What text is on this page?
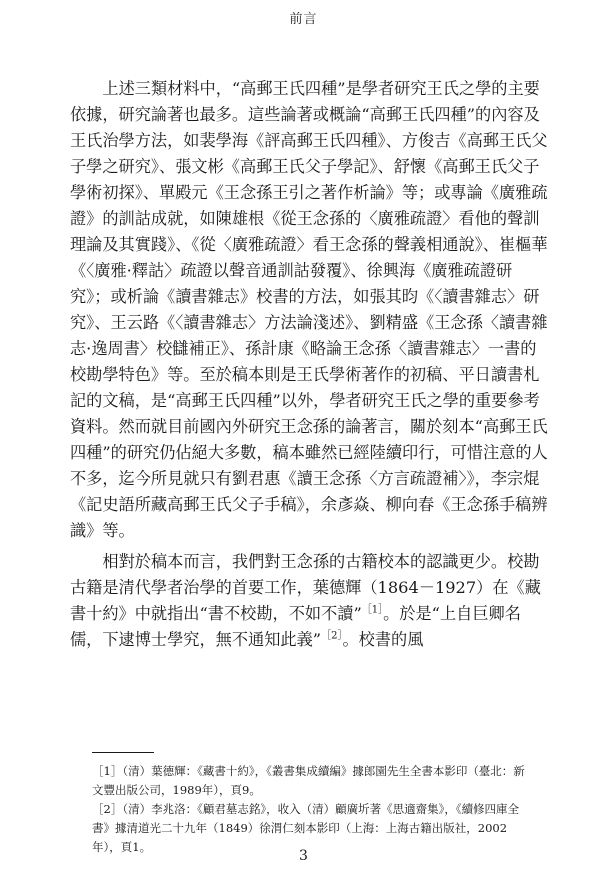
前言

上述三類材料中，“高郵王氏四種”是學者研究王氏之學的主要依據，研究論著也最多。這些論著或概論“高郵王氏四種”的內容及王氏治學方法，如裴學海《評高郵王氏四種》、方俊吉《高郵王氏父子學之研究》、張文彬《高郵王氏父子學記》、舒懷《高郵王氏父子學術初探》、單殿元《王念孫王引之著作析論》等；或專論《廣雅疏證》的訓詁成就，如陳雄根《從王念孫的〈廣雅疏證〉看他的聲訓理論及其實踐》、《從〈廣雅疏證〉看王念孫的聲義相通說》、崔樞華《〈廣雅·釋詁〉疏證以聲音通訓詁發覆》、徐興海《廣雅疏證研究》；或析論《讀書雜志》校書的方法，如張其昀《〈讀書雜志〉研究》、王云路《〈讀書雜志〉方法論淺述》、劉精盛《王念孫〈讀書雜志·逸周書〉校讎補正》、孫計康《略論王念孫〈讀書雜志〉一書的校勘學特色》等。至於稿本則是王氏學術著作的初稿、平日讀書札記的文稿，是“高郵王氏四種”以外，學者研究王氏之學的重要參考資料。然而就目前國內外研究王念孫的論著言，關於刻本“高郵王氏四種”的研究仍佔絕大多數，稿本雖然已經陸續印行，可惜注意的人不多，迄今所見就只有劉君惠《讀王念孫〈方言疏證補〉》，李宗焜《記史語所藏高郵王氏父子手稿》，余彥焱、柳向春《王念孫手稿辨識》等。

相對於稿本而言，我們對王念孫的古籍校本的認識更少。校勘古籍是清代學者治學的首要工作，葉德輝（1864－1927）在《藏書十約》中就指出“書不校勘，不如不讀”$^{[1]}$。於是“上自巨卿名儒，下逮博士學究，無不通知此義”$^{[2]}$。校書的風

［1］（清）葉德輝：《藏書十約》，《叢書集成續編》據郎園先生全書本影印（臺北：新文豐出版公司，1989年），頁9。

［2］（清）李兆洛：《顧君墓志銘》，收入（清）顧廣圻著《思適齋集》，《續修四庫全書》據清道光二十九年（1849）徐渭仁刻本影印（上海：上海古籍出版社，2002年），頁1。

3
